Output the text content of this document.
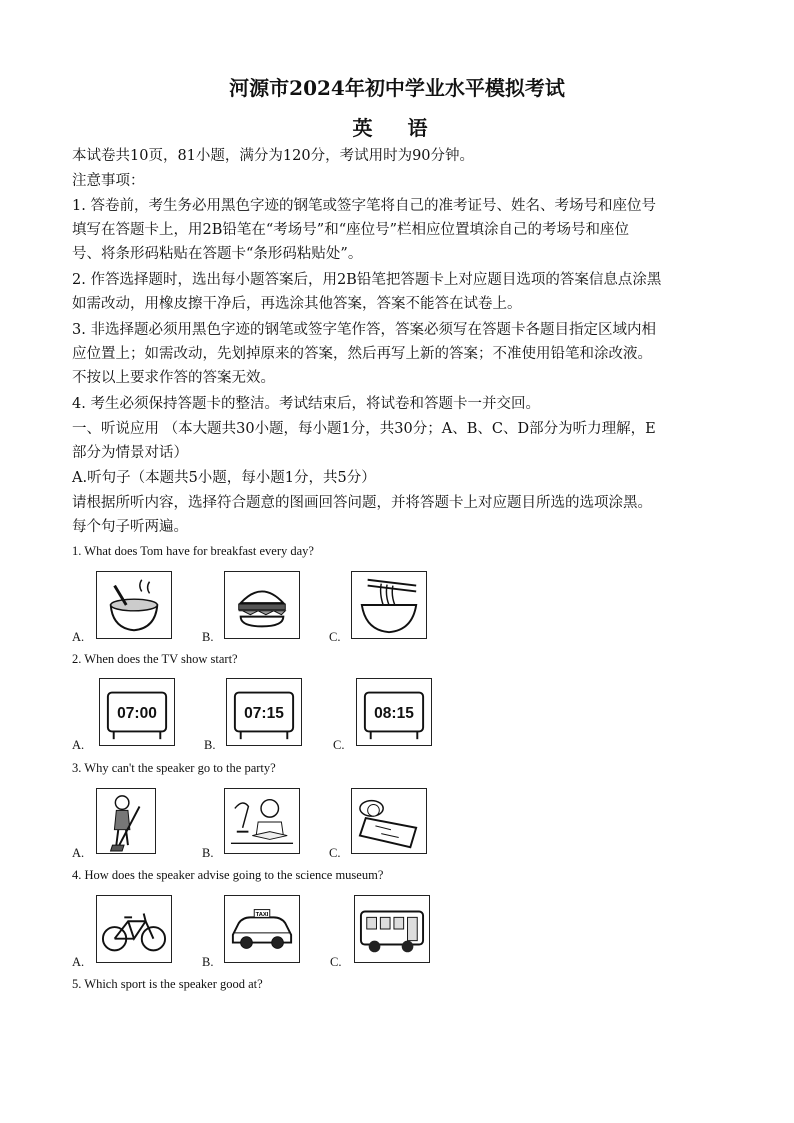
河源市2024年初中学业水平模拟考试
英 语
本试卷共10页，81小题，满分为120分，考试用时为90分钟。
注意事项：
1. 答卷前，考生务必用黑色字迹的钢笔或签字笔将自己的准考证号、姓名、考场号和座位号
填写在答题卡上，用2B铅笔在“考场号”和“座位号”栏相应位置填涂自己的考场号和座位
号、将条形码粘贴在答题卡“条形码粘贴处”。
2. 作答选择题时，选出每小题答案后，用2B铅笔把答题卡上对应题目选项的答案信息点涂黑
如需改动，用橡皮擦干净后，再选涂其他答案，答案不能答在试卷上。
3. 非选择题必须用黑色字迹的钢笔或签字笔作答，答案必须写在答题卡各题目指定区域内相
应位置上；如需改动，先划掉原来的答案，然后再写上新的答案；不准使用铅笔和涂改液。
不按以上要求作答的答案无效。
4. 考生必须保持答题卡的整洁。考试结束后，将试卷和答题卡一并交回。
一、听说应用 （本大题共30小题，每小题1分，共30分；A、B、C、D部分为听力理解，E
部分为情景对话）
A.听句子（本题共5小题，每小题1分，共5分）
请根据所听内容，选择符合题意的图画回答问题，并将答题卡上对应题目所选的选项涂黑。
每个句子听两遍。
1. What does Tom have for breakfast every day?
A.	B.	C.
2. When does the TV show start?
07:00
A.
07:15
B.
08:15
C.
3. Why can't the speaker go to the party?
A.	B.	C.
4. How does the speaker advise going to the science museum?
A.
TAXI
B.	C.
5. Which sport is the speaker good at?
